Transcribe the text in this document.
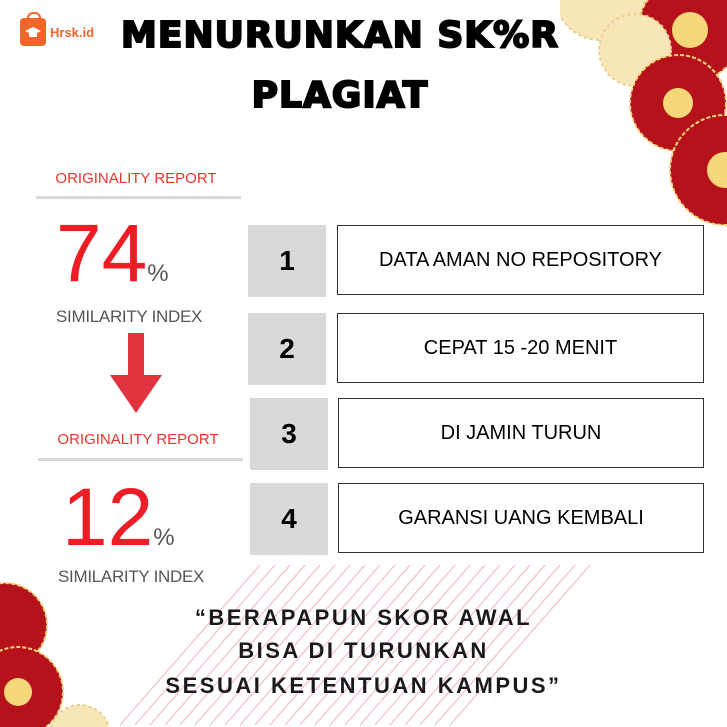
Hrsk.id MENURUNKAN SK%R
PLAGIAT
ORIGINALITY REPORT
74%
SIMILARITY INDEX
ORIGINALITY REPORT
12%
SIMILARITY INDEX
1	DATA AMAN NO REPOSITORY
2	CEPAT 15 -20 MENIT
3	DI JAMIN TURUN
4	GARANSI UANG KEMBALI
“BERAPAPUN SKOR AWAL
BISA DI TURUNKAN
SESUAI KETENTUAN KAMPUS”
